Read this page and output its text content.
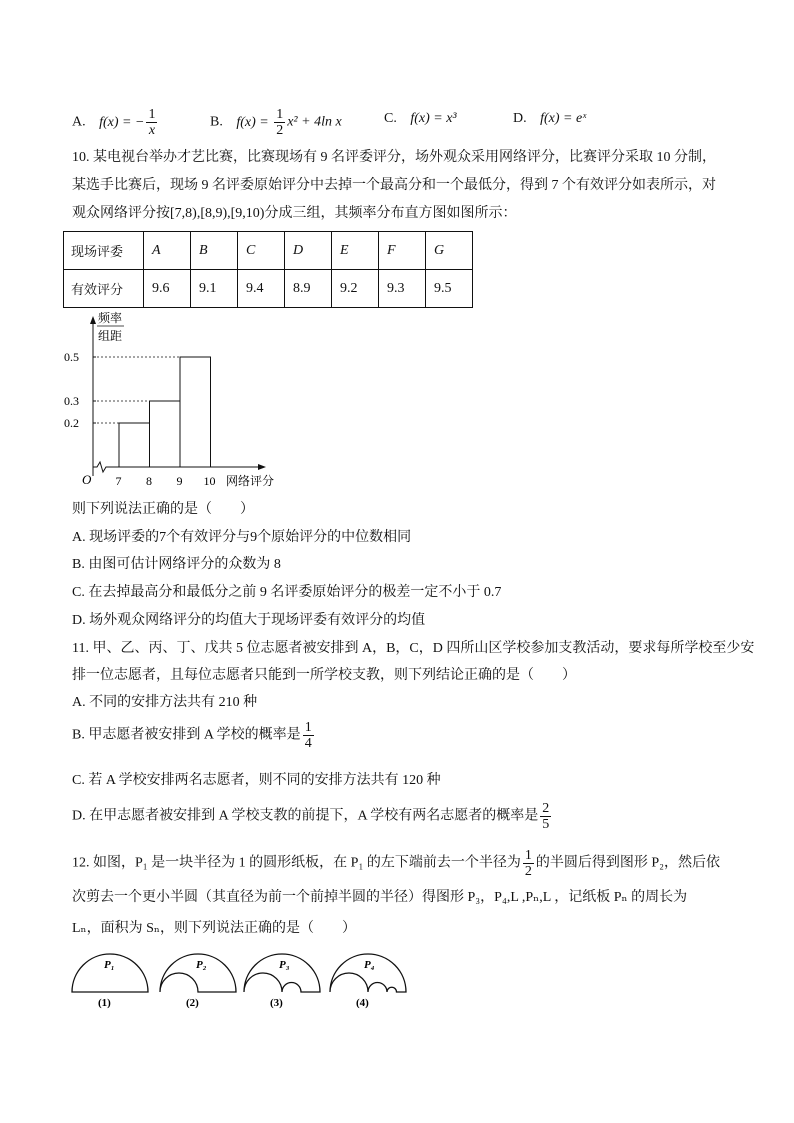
A. f(x) = − $\frac{1}{x}$	B. $f(x) = \frac{1}{2} x^2 + 4\ln$ x	C. f(x) = x³	D. f(x) = eˣ
10. 某电视台举办才艺比赛，比赛现场有 9 名评委评分，场外观众采用网络评分，比赛评分采取 10 分制，
某选手比赛后，现场 9 名评委原始评分中去掉一个最高分和一个最低分，得到 7 个有效评分如表所示，对
观众网络评分按[7,8),[8,9),[9,10)分成三组，其频率分布直方图如图所示：
现场评委	A	B	C	D	E	F	G
有效评分	9.6	9.1	9.4	8.9	9.2	9.3	9.5
频率
组距
O	网络评分
0.2
0.3
0.5
7 8 9 10
则下列说法正确的是（　　）
A. 现场评委的7个有效评分与9个原始评分的中位数相同
B. 由图可估计网络评分的众数为 8
C. 在去掉最高分和最低分之前 9 名评委原始评分的极差一定不小于 0.7
D. 场外观众网络评分的均值大于现场评委有效评分的均值
11. 甲、乙、丙、丁、戊共 5 位志愿者被安排到 A，B，C，D 四所山区学校参加支教活动，要求每所学校至少安
排一位志愿者，且每位志愿者只能到一所学校支教，则下列结论正确的是（　　）
A. 不同的安排方法共有 210 种
B. 甲志愿者被安排到 A 学校的概率是 $\frac{1}{4}$
C. 若 A 学校安排两名志愿者，则不同的安排方法共有 120 种
D. 在甲志愿者被安排到 A 学校支教的前提下，A 学校有两名志愿者的概率是 $\frac{2}{5}$
12. 如图，P₁ 是一块半径为 1 的圆形纸板，在 P₁ 的左下端前去一个半径为 $\frac{1}{2}$ 的半圆后得到图形 P₂，然后依
次剪去一个更小半圆（其直径为前一个前掉半圆的半径）得图形 P₃，P₄,L ,Pₙ,L ，记纸板 Pₙ 的周长为
Lₙ，面积为 Sₙ，则下列说法正确的是（　　）
P₁
(1)
P₂
(2)
P₃
(3)
P₄
(4)
